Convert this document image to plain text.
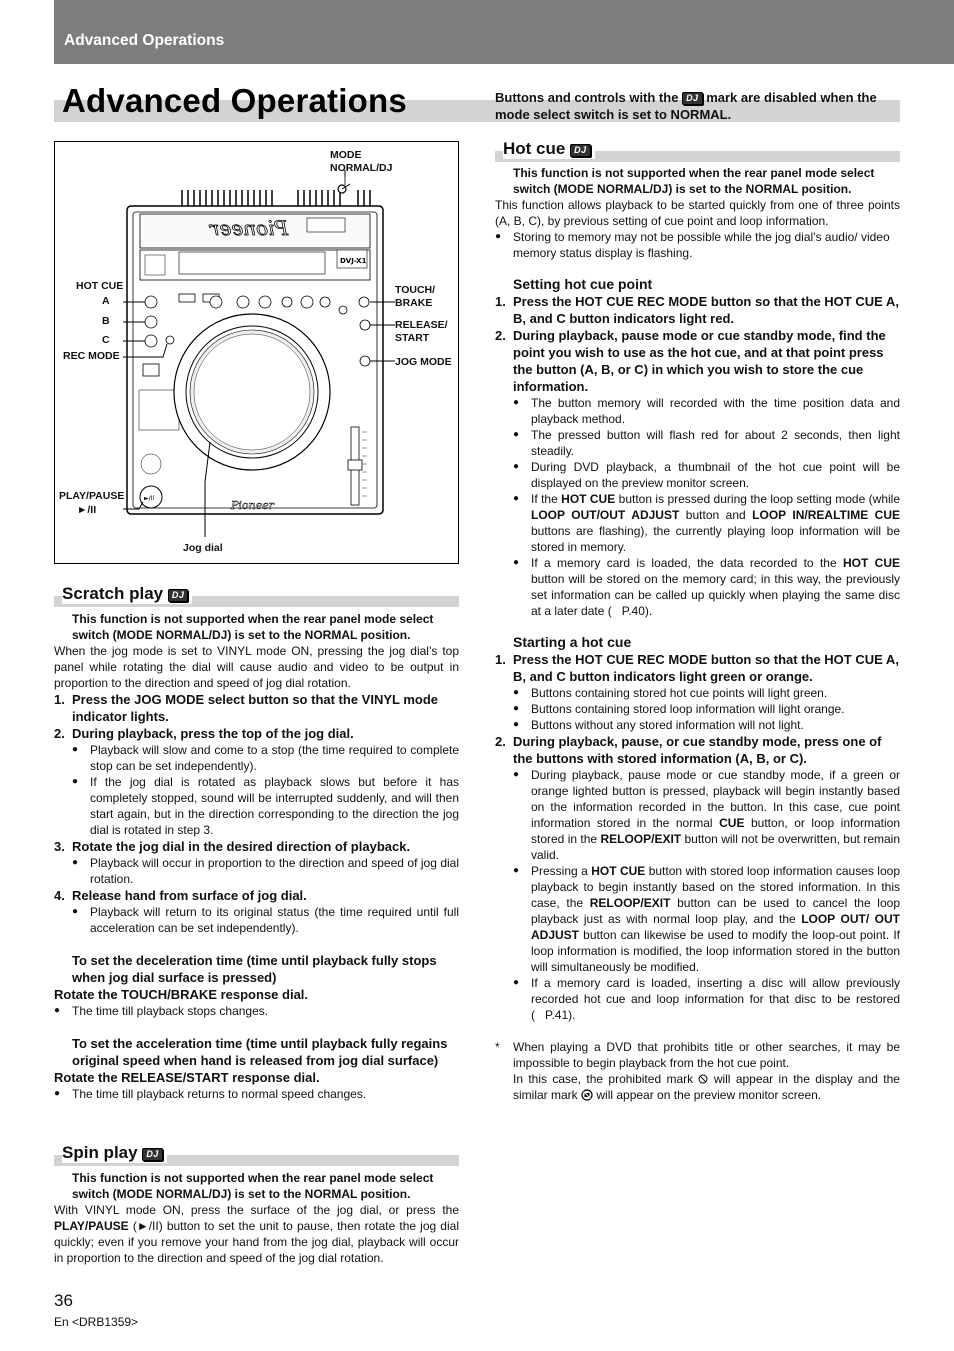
Advanced Operations
Advanced Operations	Buttons and controls with the DJ mark are disabled when the mode select switch is set to NORMAL.
Pioneer
DVJ-X1
►/II
Pioneer
MODE
NORMAL/DJ
HOT CUE
A
B
C
REC MODE
TOUCH/
BRAKE
RELEASE/
START
JOG MODE
PLAY/PAUSE
►/II
Jog dial
Scratch play DJ
This function is not supported when the rear panel mode select switch (MODE NORMAL/DJ) is set to the NORMAL position.
When the jog mode is set to VINYL mode ON, pressing the jog dial’s top panel while rotating the dial will cause audio and video to be output in proportion to the direction and speed of jog dial rotation.
1. Press the JOG MODE select button so that the VINYL mode indicator lights.
2. During playback, press the top of the jog dial.
● Playback will slow and come to a stop (the time required to complete stop can be set independently).
● If the jog dial is rotated as playback slows but before it has completely stopped, sound will be interrupted suddenly, and will then start again, but in the direction corresponding to the direction the jog dial is rotated in step 3.
3. Rotate the jog dial in the desired direction of playback.
● Playback will occur in proportion to the direction and speed of jog dial rotation.
4. Release hand from surface of jog dial.
● Playback will return to its original status (the time required until full acceleration can be set independently).
To set the deceleration time (time until playback fully stops when jog dial surface is pressed)
Rotate the TOUCH/BRAKE response dial.
● The time till playback stops changes.
To set the acceleration time (time until playback fully regains original speed when hand is released from jog dial surface)
Rotate the RELEASE/START response dial.
● The time till playback returns to normal speed changes.
Spin play DJ
This function is not supported when the rear panel mode select switch (MODE NORMAL/DJ) is set to the NORMAL position.
With VINYL mode ON, press the surface of the jog dial, or press the PLAY/PAUSE (►/II) button to set the unit to pause, then rotate the jog dial quickly; even if you remove your hand from the jog dial, playback will occur in proportion to the direction and speed of the jog dial rotation.
Hot cue DJ
This function is not supported when the rear panel mode select switch (MODE NORMAL/DJ) is set to the NORMAL position.
This function allows playback to be started quickly from one of three points (A, B, C), by previous setting of cue point and loop information.
● Storing to memory may not be possible while the jog dial’s audio/ video memory status display is flashing.
Setting hot cue point
1. Press the HOT CUE REC MODE button so that the HOT CUE A, B, and C button indicators light red.
2. During playback, pause mode or cue standby mode, find the point you wish to use as the hot cue, and at that point press the button (A, B, or C) in which you wish to store the cue information.
● The button memory will recorded with the time position data and playback method.
● The pressed button will flash red for about 2 seconds, then light steadily.
● During DVD playback, a thumbnail of the hot cue point will be displayed on the preview monitor screen.
● If the HOT CUE button is pressed during the loop setting mode (while LOOP OUT/OUT ADJUST button and LOOP IN/REALTIME CUE buttons are flashing), the currently playing loop information will be stored in memory.
● If a memory card is loaded, the data recorded to the HOT CUE button will be stored on the memory card; in this way, the previously set information can be called up quickly when playing the same disc at a later date ( P.40).
Starting a hot cue
1. Press the HOT CUE REC MODE button so that the HOT CUE A, B, and C button indicators light green or orange.
● Buttons containing stored hot cue points will light green.
● Buttons containing stored loop information will light orange.
● Buttons without any stored information will not light.
2. During playback, pause, or cue standby mode, press one of the buttons with stored information (A, B, or C).
● During playback, pause mode or cue standby mode, if a green or orange lighted button is pressed, playback will begin instantly based on the information recorded in the button. In this case, cue point information stored in the normal CUE button, or loop information stored in the RELOOP/EXIT button will not be overwritten, but remain valid.
● Pressing a HOT CUE button with stored loop information causes loop playback to begin instantly based on the stored information. In this case, the RELOOP/EXIT button can be used to cancel the loop playback just as with normal loop play, and the LOOP OUT/ OUT ADJUST button can likewise be used to modify the loop-out point. If loop information is modified, the loop information stored in the button will simultaneously be modified.
● If a memory card is loaded, inserting a disc will allow previously recorded hot cue and loop information for that disc to be restored ( P.41).
* When playing a DVD that prohibits title or other searches, it may be impossible to begin playback from the hot cue point.
In this case, the prohibited mark will appear in the display and the similar mark will appear on the preview monitor screen.
36
En <DRB1359>
